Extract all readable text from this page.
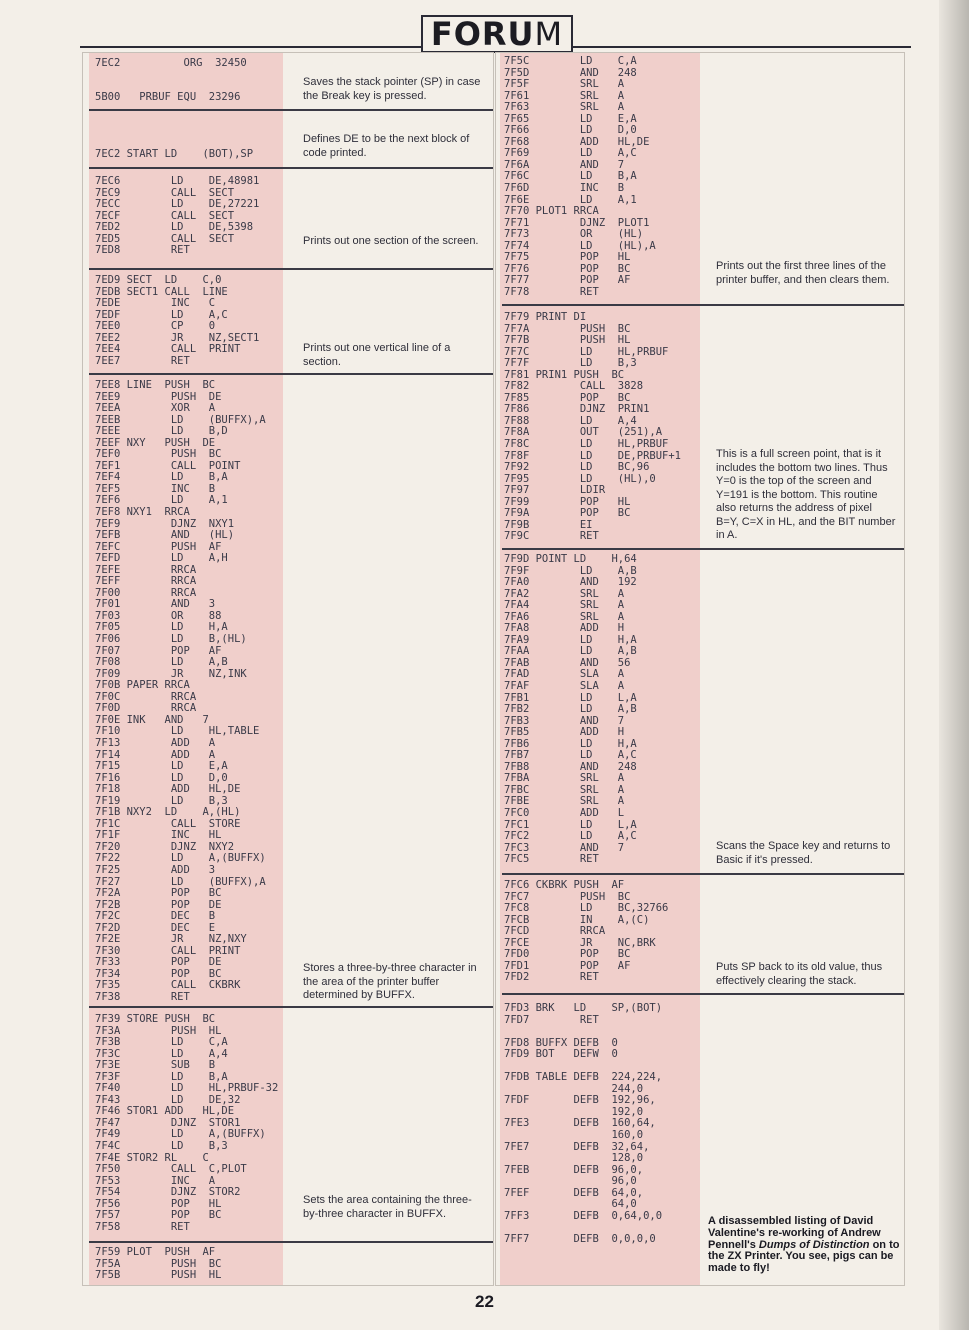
FORU M
7EC2          ORG  32450
5B00   PRBUF EQU  23296
Saves the stack pointer (SP) in case the Break key is pressed.
7EC2 START LD    (BOT),SP
Defines DE to be the next block of code printed.
7EC6        LD    DE,48981
7EC9        CALL  SECT
7ECC        LD    DE,27221
7ECF        CALL  SECT
7ED2        LD    DE,5398
7ED5        CALL  SECT
7ED8        RET
Prints out one section of the screen.
7ED9 SECT  LD    C,0
7EDB SECT1 CALL  LINE
7EDE        INC   C
7EDF        LD    A,C
7EE0        CP    0
7EE2        JR    NZ,SECT1
7EE4        CALL  PRINT
7EE7        RET
Prints out one vertical line of a section.
7EE8 LINE  PUSH  BC
7EE9        PUSH  DE
7EEA        XOR   A
7EEB        LD    (BUFFX),A
7EEE        LD    B,D
7EEF NXY   PUSH  DE
7EF0        PUSH  BC
7EF1        CALL  POINT
7EF4        LD    B,A
7EF5        INC   B
7EF6        LD    A,1
7EF8 NXY1  RRCA
7EF9        DJNZ  NXY1
7EFB        AND   (HL)
7EFC        PUSH  AF
7EFD        LD    A,H
7EFE        RRCA
7EFF        RRCA
7F00        RRCA
7F01        AND   3
7F03        OR    88
7F05        LD    H,A
7F06        LD    B,(HL)
7F07        POP   AF
7F08        LD    A,B
7F09        JR    NZ,INK
7F0B PAPER RRCA
7F0C        RRCA
7F0D        RRCA
7F0E INK   AND   7
7F10        LD    HL,TABLE
7F13        ADD   A
7F14        ADD   A
7F15        LD    E,A
7F16        LD    D,0
7F18        ADD   HL,DE
7F19        LD    B,3
7F1B NXY2  LD    A,(HL)
7F1C        CALL  STORE
7F1F        INC   HL
7F20        DJNZ  NXY2
7F22        LD    A,(BUFFX)
7F25        ADD   3
7F27        LD    (BUFFX),A
7F2A        POP   BC
7F2B        POP   DE
7F2C        DEC   B
7F2D        DEC   E
7F2E        JR    NZ,NXY
7F30        CALL  PRINT
7F33        POP   DE
7F34        POP   BC
7F35        CALL  CKBRK
7F38        RET
Stores a three-by-three character in the area of the printer buffer determined by BUFFX.
7F39 STORE PUSH  BC
7F3A        PUSH  HL
7F3B        LD    C,A
7F3C        LD    A,4
7F3E        SUB   B
7F3F        LD    B,A
7F40        LD    HL,PRBUF-32
7F43        LD    DE,32
7F46 STOR1 ADD   HL,DE
7F47        DJNZ  STOR1
7F49        LD    A,(BUFFX)
7F4C        LD    B,3
7F4E STOR2 RL    C
7F50        CALL  C,PLOT
7F53        INC   A
7F54        DJNZ  STOR2
7F56        POP   HL
7F57        POP   BC
7F58        RET
Sets the area containing the three-by-three character in BUFFX.
7F59 PLOT  PUSH  AF
7F5A        PUSH  BC
7F5B        PUSH  HL
7F5C        LD    C,A
7F5D        AND   248
7F5F        SRL   A
7F61        SRL   A
7F63        SRL   A
7F65        LD    E,A
7F66        LD    D,0
7F68        ADD   HL,DE
7F69        LD    A,C
7F6A        AND   7
7F6C        LD    B,A
7F6D        INC   B
7F6E        LD    A,1
7F70 PLOT1 RRCA
7F71        DJNZ  PLOT1
7F73        OR    (HL)
7F74        LD    (HL),A
7F75        POP   HL
7F76        POP   BC
7F77        POP   AF
7F78        RET
Prints out the first three lines of the printer buffer, and then clears them.
7F79 PRINT DI
7F7A        PUSH  BC
7F7B        PUSH  HL
7F7C        LD    HL,PRBUF
7F7F        LD    B,3
7F81 PRIN1 PUSH  BC
7F82        CALL  3828
7F85        POP   BC
7F86        DJNZ  PRIN1
7F88        LD    A,4
7F8A        OUT   (251),A
7F8C        LD    HL,PRBUF
7F8F        LD    DE,PRBUF+1
7F92        LD    BC,96
7F95        LD    (HL),0
7F97        LDIR
7F99        POP   HL
7F9A        POP   BC
7F9B        EI
7F9C        RET
This is a full screen point, that is it includes the bottom two lines. Thus Y=0 is the top of the screen and Y=191 is the bottom. This routine also returns the address of pixel B=Y, C=X in HL, and the BIT number in A.
7F9D POINT LD    H,64
7F9F        LD    A,B
7FA0        AND   192
7FA2        SRL   A
7FA4        SRL   A
7FA6        SRL   A
7FA8        ADD   H
7FA9        LD    H,A
7FAA        LD    A,B
7FAB        AND   56
7FAD        SLA   A
7FAF        SLA   A
7FB1        LD    L,A
7FB2        LD    A,B
7FB3        AND   7
7FB5        ADD   H
7FB6        LD    H,A
7FB7        LD    A,C
7FB8        AND   248
7FBA        SRL   A
7FBC        SRL   A
7FBE        SRL   A
7FC0        ADD   L
7FC1        LD    L,A
7FC2        LD    A,C
7FC3        AND   7
7FC5        RET
Scans the Space key and returns to Basic if it's pressed.
7FC6 CKBRK PUSH  AF
7FC7        PUSH  BC
7FC8        LD    BC,32766
7FCB        IN    A,(C)
7FCD        RRCA
7FCE        JR    NC,BRK
7FD0        POP   BC
7FD1        POP   AF
7FD2        RET
Puts SP back to its old value, thus effectively clearing the stack.
7FD3 BRK   LD    SP,(BOT)
7FD7        RET

7FD8 BUFFX DEFB  0
7FD9 BOT   DEFW  0

7FDB TABLE DEFB  224,224,
244,0
7FDF       DEFB  192,96,
192,0
7FE3       DEFB  160,64,
160,0
7FE7       DEFB  32,64,
128,0
7FEB       DEFB  96,0,
96,0
7FEF       DEFB  64,0,
64,0
7FF3       DEFB  0,64,0,0

7FF7       DEFB  0,0,0,0
A disassembled listing of David Valentine's re-working of Andrew Pennell's Dumps of Distinction on to the ZX Printer. You see, pigs can be made to fly!
22
